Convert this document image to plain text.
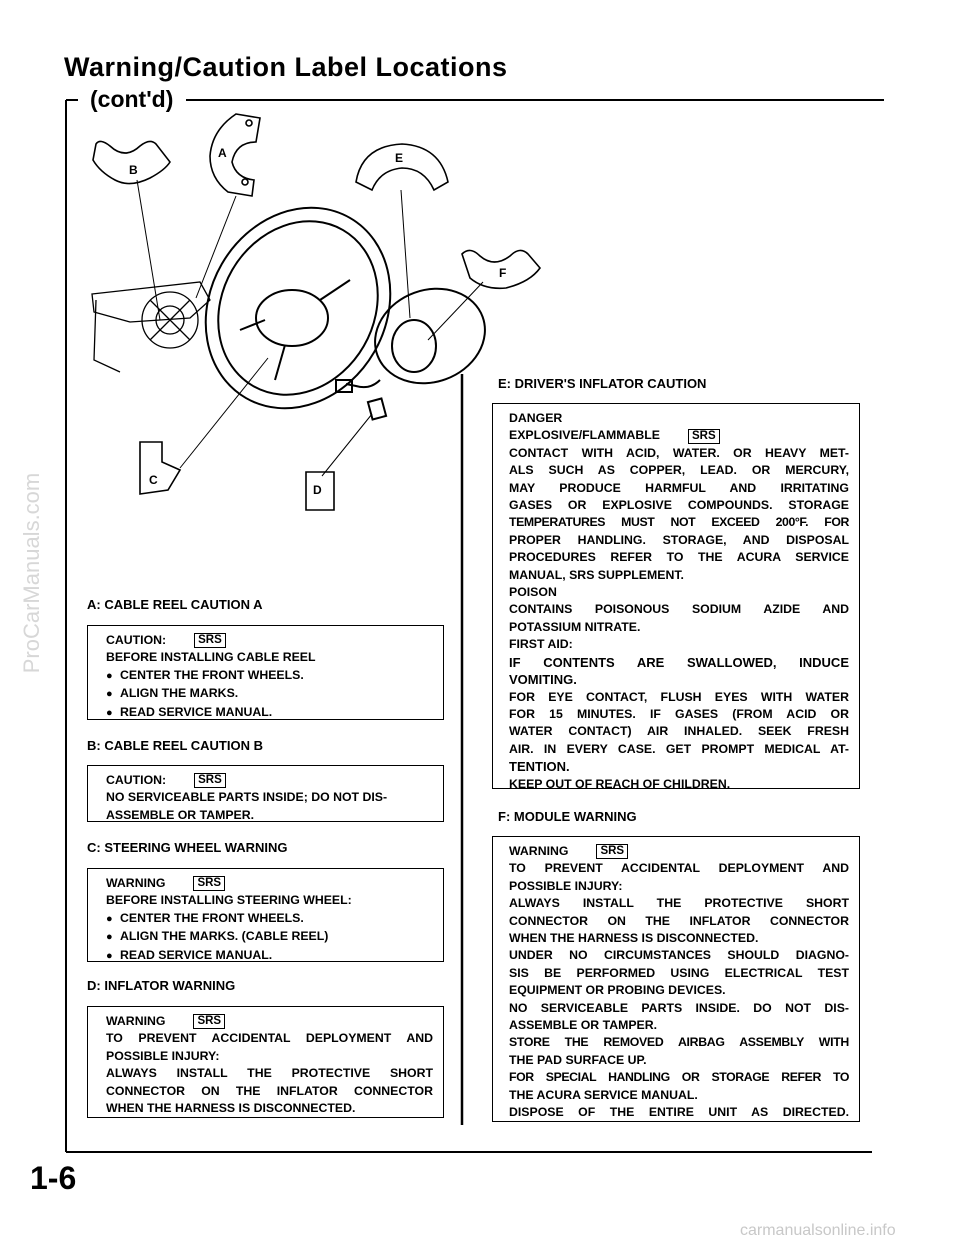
Warning/Caution Label Locations
(cont'd)
B
A	E
F
C
D
A: CABLE REEL CAUTION A

CAUTION:	SRS

BEFORE INSTALLING CABLE REEL

● CENTER THE FRONT WHEELS.

● ALIGN THE MARKS.

● READ SERVICE MANUAL.

B: CABLE REEL CAUTION B

CAUTION:	SRS

NO SERVICEABLE PARTS INSIDE; DO NOT DIS-

ASSEMBLE OR TAMPER.

C: STEERING WHEEL WARNING

WARNING	SRS

BEFORE INSTALLING STEERING WHEEL:

● CENTER THE FRONT WHEELS.

● ALIGN THE MARKS. (CABLE REEL)

● READ SERVICE MANUAL.

D: INFLATOR WARNING

WARNING	SRS

TO PREVENT ACCIDENTAL DEPLOYMENT AND

POSSIBLE INJURY:

ALWAYS INSTALL THE PROTECTIVE SHORT

CONNECTOR ON THE INFLATOR CONNECTOR

WHEN THE HARNESS IS DISCONNECTED.

E: DRIVER'S INFLATOR CAUTION

DANGER

EXPLOSIVE/FLAMMABLE	SRS

CONTACT WITH ACID, WATER. OR HEAVY MET-

ALS SUCH AS COPPER, LEAD. OR MERCURY,

MAY PRODUCE HARMFUL AND IRRITATING

GASES OR EXPLOSIVE COMPOUNDS. STORAGE

TEMPERATURES MUST NOT EXCEED 200°F. FOR

PROPER HANDLING. STORAGE, AND DISPOSAL

PROCEDURES REFER TO THE ACURA SERVICE

MANUAL, SRS SUPPLEMENT.

POISON

CONTAINS POISONOUS SODIUM AZIDE AND

POTASSIUM NITRATE.

FIRST AID:

IF CONTENTS ARE SWALLOWED, INDUCE

VOMITING.

FOR EYE CONTACT, FLUSH EYES WITH WATER

FOR 15 MINUTES. IF GASES (FROM ACID OR

WATER CONTACT) AIR INHALED. SEEK FRESH

AIR. IN EVERY CASE. GET PROMPT MEDICAL AT-

TENTION.

KEEP OUT OF REACH OF CHILDREN.

F: MODULE WARNING

WARNING	SRS

TO PREVENT ACCIDENTAL DEPLOYMENT AND

POSSIBLE INJURY:

ALWAYS INSTALL THE PROTECTIVE SHORT

CONNECTOR ON THE INFLATOR CONNECTOR

WHEN THE HARNESS IS DISCONNECTED.

UNDER NO CIRCUMSTANCES SHOULD DIAGNO-

SIS BE PERFORMED USING ELECTRICAL TEST

EQUIPMENT OR PROBING DEVICES.

NO SERVICEABLE PARTS INSIDE. DO NOT DIS-

ASSEMBLE OR TAMPER.

STORE THE REMOVED AIRBAG ASSEMBLY WITH

THE PAD SURFACE UP.

FOR SPECIAL HANDLING OR STORAGE REFER TO

THE ACURA SERVICE MANUAL.

DISPOSE OF THE ENTIRE UNIT AS DIRECTED.

1-6
ProCarManuals.com
carmanualsonline.info
